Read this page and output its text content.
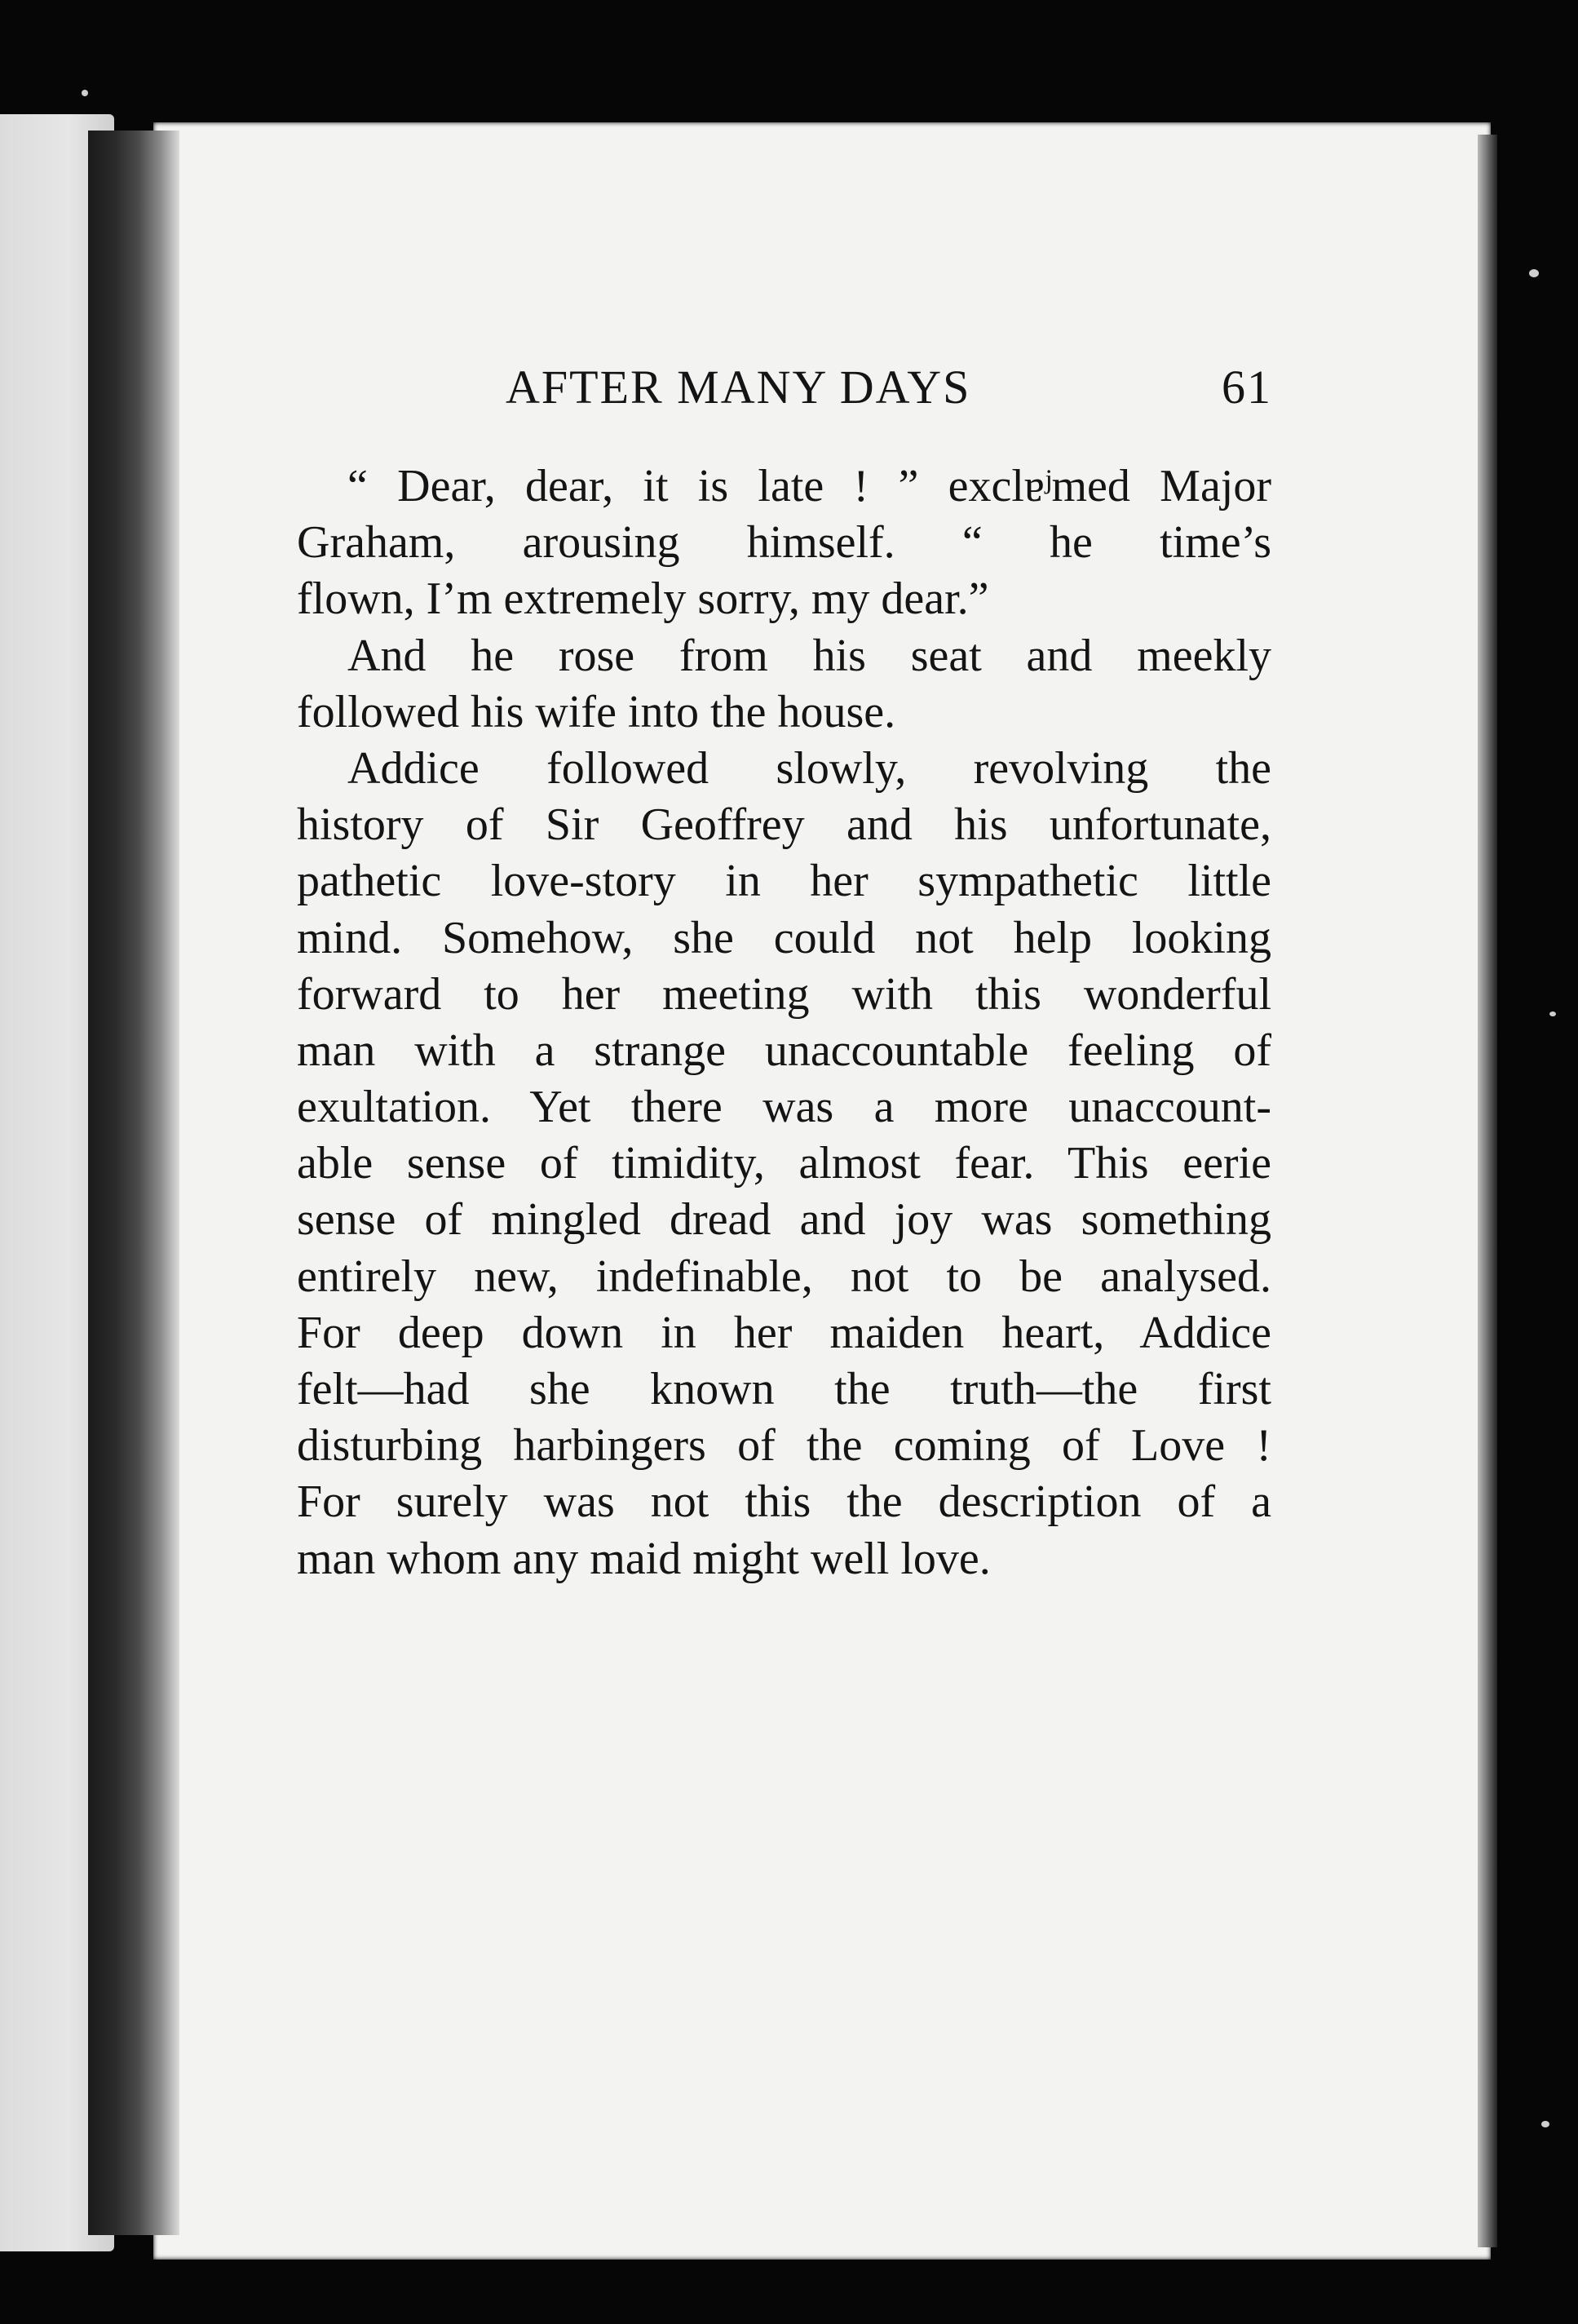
AFTER MANY DAYS	61
“ Dear, dear, it is late ! ” exclɐʲmed Major
Graham, arousing himself. “ he time’s
flown, I’m extremely sorry, my dear.”
And he rose from his seat and meekly
followed his wife into the house.
Addice followed slowly, revolving the
history of Sir Geoffrey and his unfortunate,
pathetic love-story in her sympathetic little
mind. Somehow, she could not help looking
forward to her meeting with this wonderful
man with a strange unaccountable feeling of
exultation. Yet there was a more unaccount-
able sense of timidity, almost fear. This eerie
sense of mingled dread and joy was something
entirely new, indefinable, not to be analysed.
For deep down in her maiden heart, Addice
felt—had she known the truth—the first
disturbing harbingers of the coming of Love !
For surely was not this the description of a
man whom any maid might well love.
